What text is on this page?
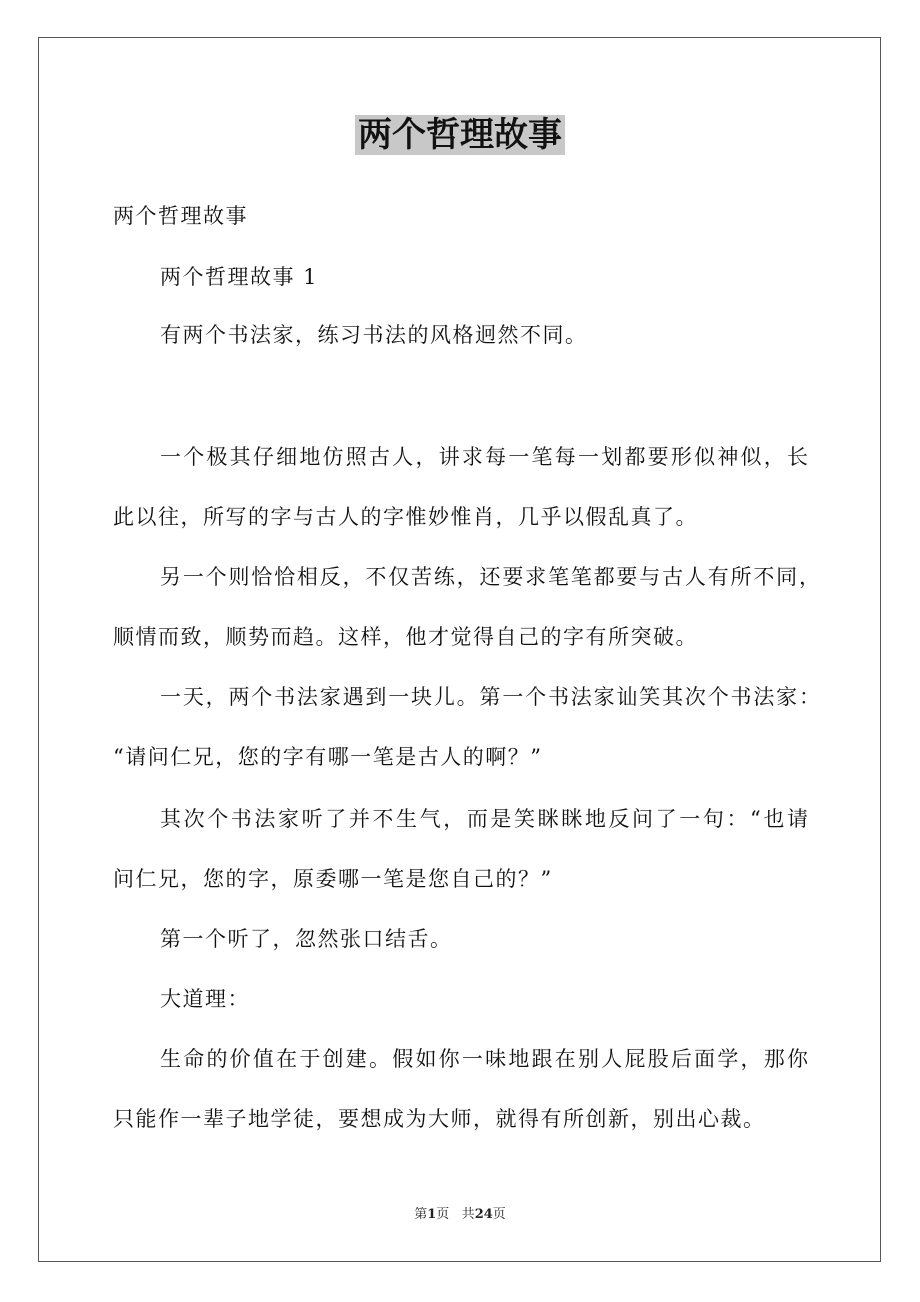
两个哲理故事
两个哲理故事
两个哲理故事 1
有两个书法家，练习书法的风格迥然不同。
一个极其仔细地仿照古人，讲求每一笔每一划都要形似神似，长
此以往，所写的字与古人的字惟妙惟肖，几乎以假乱真了。
另一个则恰恰相反，不仅苦练，还要求笔笔都要与古人有所不同，
顺情而致，顺势而趋。这样，他才觉得自己的字有所突破。
一天，两个书法家遇到一块儿。第一个书法家讪笑其次个书法家：
“请问仁兄，您的字有哪一笔是古人的啊？”
其次个书法家听了并不生气，而是笑眯眯地反问了一句：“也请
问仁兄，您的字，原委哪一笔是您自己的？”
第一个听了，忽然张口结舌。
大道理：
生命的价值在于创建。假如你一味地跟在别人屁股后面学，那你
只能作一辈子地学徒，要想成为大师，就得有所创新，别出心裁。
第1页 共24页
